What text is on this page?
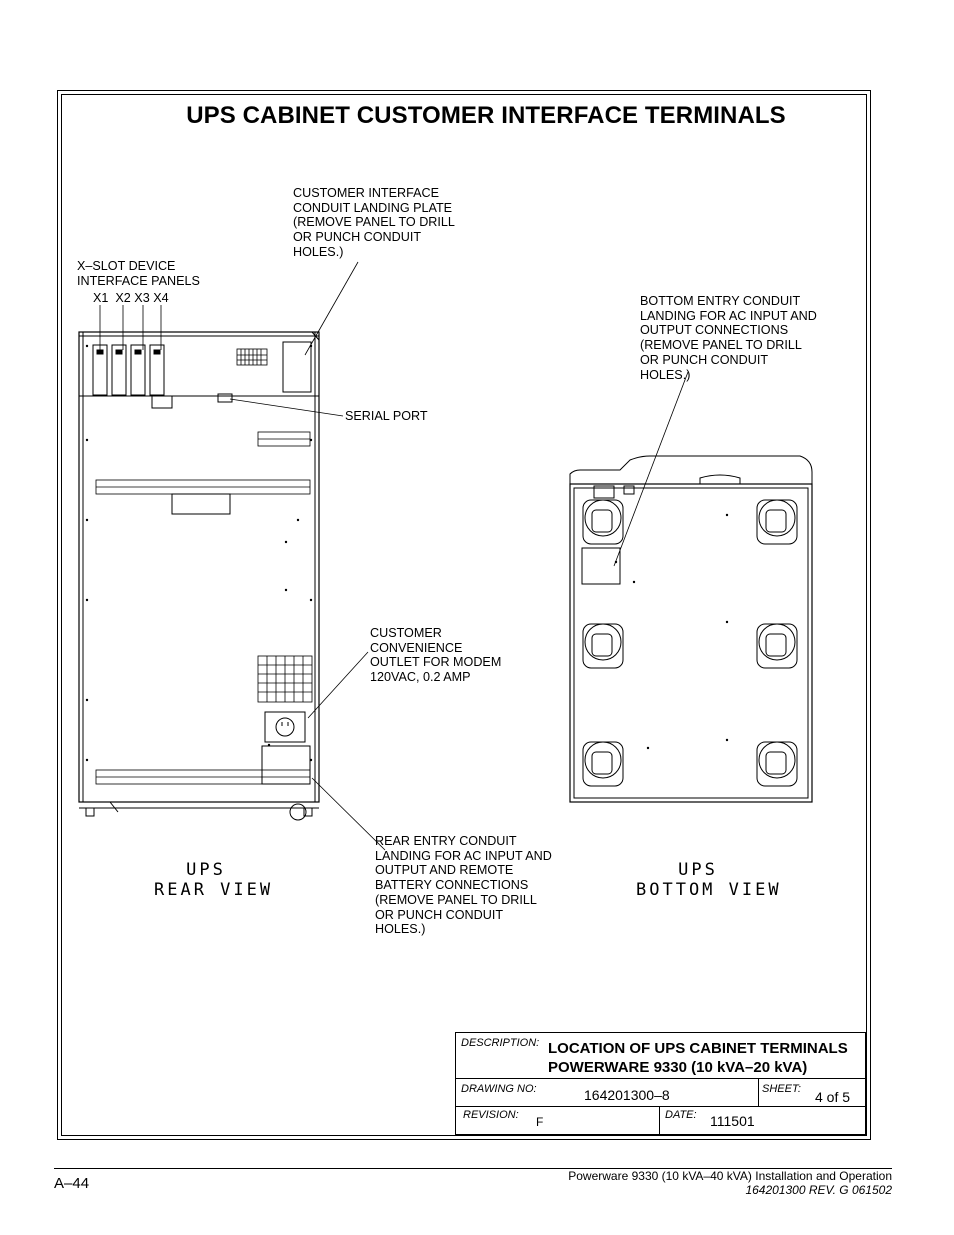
UPS CABINET CUSTOMER INTERFACE TERMINALS
CUSTOMER INTERFACE
CONDUIT LANDING PLATE
(REMOVE PANEL TO DRILL
OR PUNCH CONDUIT
HOLES.)
X–SLOT DEVICE
INTERFACE PANELS
X1  X2 X3 X4	BOTTOM ENTRY CONDUIT
LANDING FOR AC INPUT AND
OUTPUT CONNECTIONS
(REMOVE PANEL TO DRILL
OR PUNCH CONDUIT
HOLES.)
SERIAL PORT
CUSTOMER
CONVENIENCE
OUTLET FOR MODEM
120VAC, 0.2 AMP
REAR ENTRY CONDUIT
LANDING FOR AC INPUT AND
OUTPUT AND REMOTE
BATTERY CONNECTIONS
(REMOVE PANEL TO DRILL
OR PUNCH CONDUIT
HOLES.)
UPS
REAR VIEW
UPS
BOTTOM VIEW
DESCRIPTION: LOCATION OF UPS CABINET TERMINALS
POWERWARE 9330 (10 kVA–20 kVA)
DRAWING NO:	164201300–8	SHEET: 4 of 5
REVISION: F	DATE: 111501
A–44	Powerware 9330 (10 kVA–40 kVA) Installation and Operation
164201300 REV. G 061502
